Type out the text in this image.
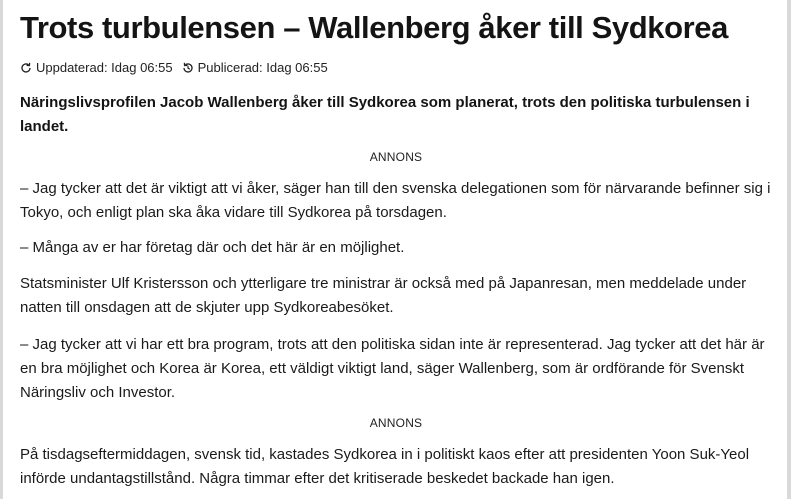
Trots turbulensen – Wallenberg åker till Sydkorea
Uppdaterad: Idag 06:55 Publicerad: Idag 06:55

Näringslivsprofilen Jacob Wallenberg åker till Sydkorea som planerat, trots den politiska turbulensen i landet.

ANNONS

– Jag tycker att det är viktigt att vi åker, säger han till den svenska delegationen som för närvarande befinner sig i Tokyo, och enligt plan ska åka vidare till Sydkorea på torsdagen.

– Många av er har företag där och det här är en möjlighet.

Statsminister Ulf Kristersson och ytterligare tre ministrar är också med på Japanresan, men meddelade under natten till onsdagen att de skjuter upp Sydkoreabesöket.

– Jag tycker att vi har ett bra program, trots att den politiska sidan inte är representerad. Jag tycker att det här är en bra möjlighet och Korea är Korea, ett väldigt viktigt land, säger Wallenberg, som är ordförande för Svenskt Näringsliv och Investor.

ANNONS

På tisdagseftermiddagen, svensk tid, kastades Sydkorea in i politiskt kaos efter att presidenten Yoon Suk-Yeol införde undantagstillstånd. Några timmar efter det kritiserade beskedet backade han igen.
